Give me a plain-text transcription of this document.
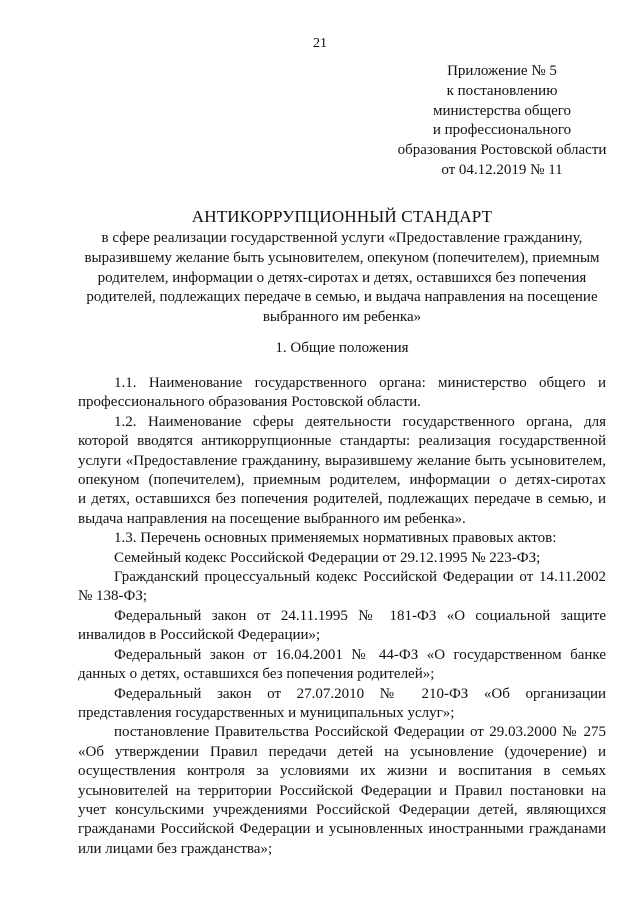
21
Приложение № 5
к постановлению
министерства общего
и профессионального
образования Ростовской области
от 04.12.2019 № 11
АНТИКОРРУПЦИОННЫЙ СТАНДАРТ
в сфере реализации государственной услуги «Предоставление гражданину,
выразившему желание быть усыновителем, опекуном (попечителем), приемным
родителем, информации о детях-сиротах и детях, оставшихся без попечения
родителей, подлежащих передаче в семью, и выдача направления на посещение
выбранного им ребенка»
1. Общие положения
1.1. Наименование государственного органа: министерство общего и профессионального образования Ростовской области.
1.2. Наименование сферы деятельности государственного органа, для которой вводятся антикоррупционные стандарты: реализация государственной услуги «Предоставление гражданину, выразившему желание быть усыновителем, опекуном (попечителем), приемным родителем, информации о детях-сиротах
и детях, оставшихся без попечения родителей, подлежащих передаче в семью, и выдача направления на посещение выбранного им ребенка».
1.3. Перечень основных применяемых нормативных правовых актов:
Семейный кодекс Российской Федерации от 29.12.1995 № 223-ФЗ;
Гражданский процессуальный кодекс Российской Федерации от 14.11.2002 № 138-ФЗ;
Федеральный закон от 24.11.1995 № 181-ФЗ «О социальной защите инвалидов в Российской Федерации»;
Федеральный закон от 16.04.2001 № 44-ФЗ «О государственном банке данных о детях, оставшихся без попечения родителей»;
Федеральный закон от 27.07.2010 № 210-ФЗ «Об организации представления государственных и муниципальных услуг»;
постановление Правительства Российской Федерации от 29.03.2000 № 275 «Об утверждении Правил передачи детей на усыновление (удочерение) и осуществления контроля за условиями их жизни и воспитания в семьях усыновителей на территории Российской Федерации и Правил постановки на учет консульскими учреждениями Российской Федерации детей, являющихся гражданами Российской Федерации и усыновленных иностранными гражданами или лицами без гражданства»;
